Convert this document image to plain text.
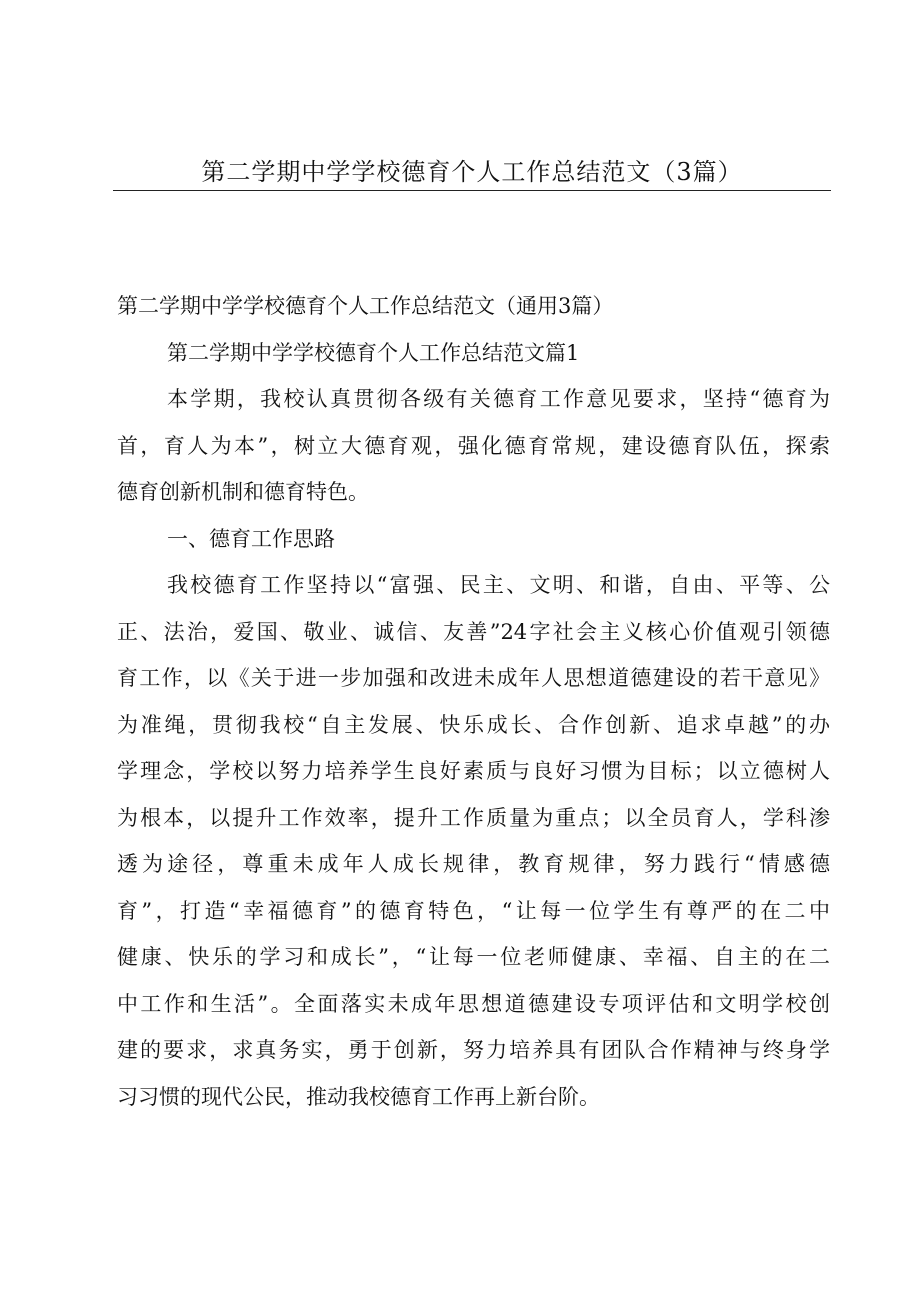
第二学期中学学校德育个人工作总结范文（3篇）
第二学期中学学校德育个人工作总结范文（通用3篇）
第二学期中学学校德育个人工作总结范文篇1
本学期，我校认真贯彻各级有关德育工作意见要求，坚持“德育为
首，育人为本”，树立大德育观，强化德育常规，建设德育队伍，探索
德育创新机制和德育特色。
一、德育工作思路
我校德育工作坚持以“富强、民主、文明、和谐，自由、平等、公
正、法治，爱国、敬业、诚信、友善”24字社会主义核心价值观引领德
育工作，以《关于进一步加强和改进未成年人思想道德建设的若干意见》
为准绳，贯彻我校“自主发展、快乐成长、合作创新、追求卓越”的办
学理念，学校以努力培养学生良好素质与良好习惯为目标；以立德树人
为根本，以提升工作效率，提升工作质量为重点；以全员育人，学科渗
透为途径，尊重未成年人成长规律，教育规律，努力践行“情感德
育”，打造“幸福德育”的德育特色，“让每一位学生有尊严的在二中
健康、快乐的学习和成长”，“让每一位老师健康、幸福、自主的在二
中工作和生活”。全面落实未成年思想道德建设专项评估和文明学校创
建的要求，求真务实，勇于创新，努力培养具有团队合作精神与终身学
习习惯的现代公民，推动我校德育工作再上新台阶。
